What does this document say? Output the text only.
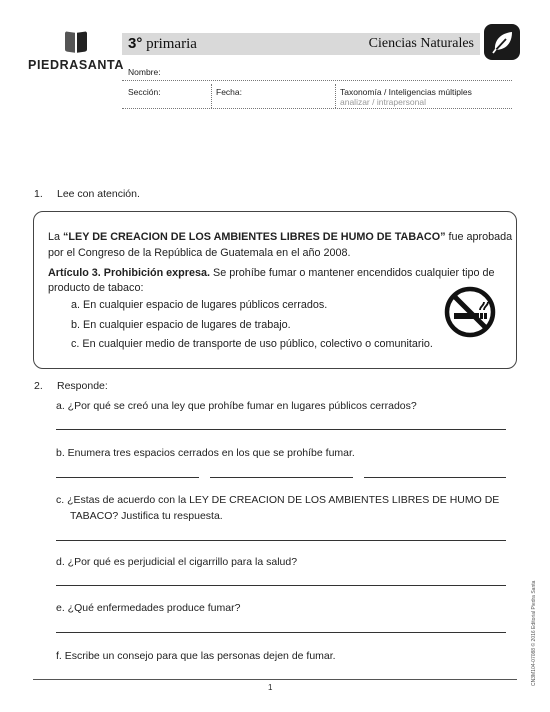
PIEDRASANTA
3° primaria	Ciencias Naturales
Nombre:
Sección:	Fecha:	Taxonomía / Inteligencias múltiples
analizar / intrapersonal
1. Lee con atención.
La “LEY DE CREACION DE LOS AMBIENTES LIBRES DE HUMO DE TABACO” fue aprobada
por el Congreso de la República de Guatemala en el año 2008.
Artículo 3. Prohibición expresa. Se prohíbe fumar o mantener encendidos cualquier tipo de
producto de tabaco:
a. En cualquier espacio de lugares públicos cerrados.
b. En cualquier espacio de lugares de trabajo.
c. En cualquier medio de transporte de uso público, colectivo o comunitario.
2. Responde:
a. ¿Por qué se creó una ley que prohíbe fumar en lugares públicos cerrados?
b. Enumera tres espacios cerrados en los que se prohíbe fumar.
c. ¿Estas de acuerdo con la LEY DE CREACION DE LOS AMBIENTES LIBRES DE HUMO DE
TABACO? Justifica tu respuesta.
d. ¿Por qué es perjudicial el cigarrillo para la salud?
e. ¿Qué enfermedades produce fumar?
f. Escribe un consejo para que las personas dejen de fumar.
1
CN3M104-07088 © 2016 Editorial Piedra Santa
